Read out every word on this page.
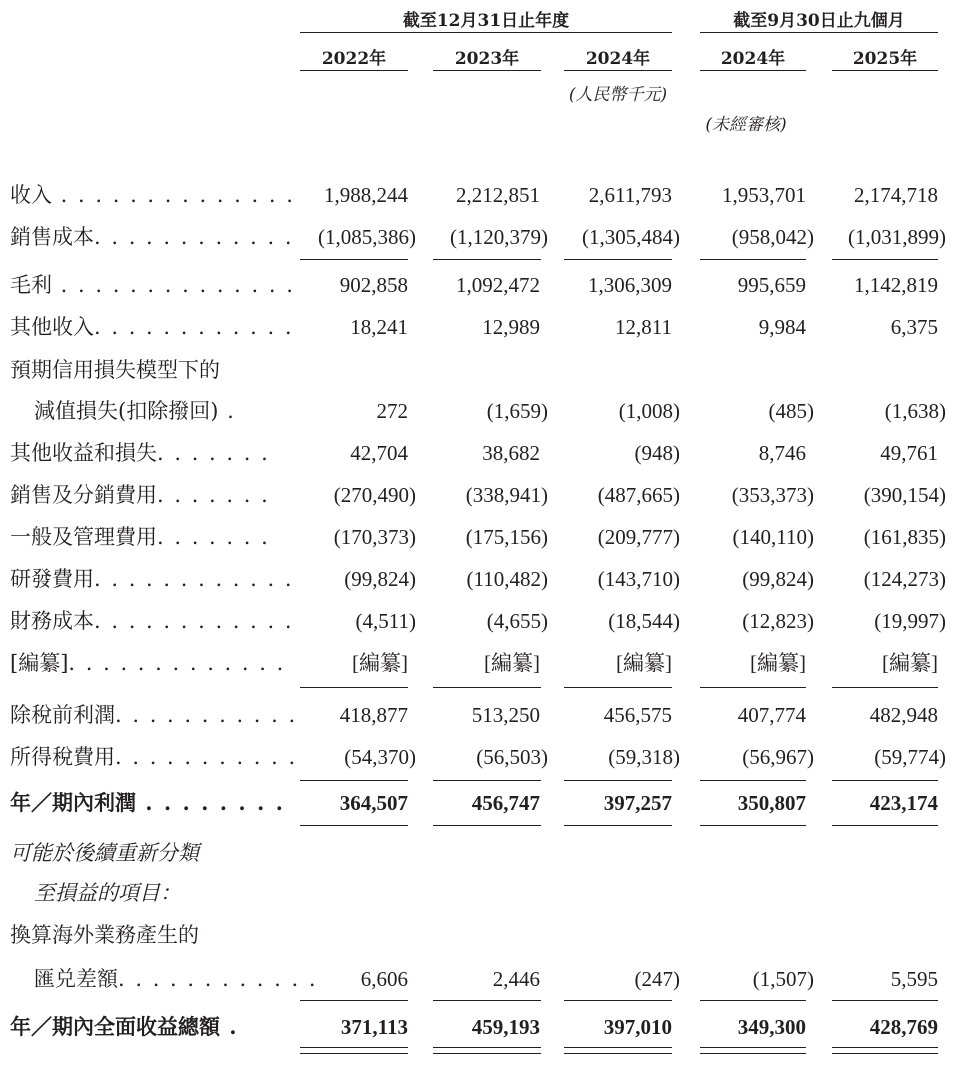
截至12月31日止年度	截至9月30日止九個月
2022年	2023年	2024年	2024年	2025年
(人民幣千元)
(未經審核)
收入 . . . . . . . . . . . . . .	1,988,244	2,212,851	2,611,793	1,953,701	2,174,718
銷售成本. . . . . . . . . . . .	(1,085,386)	(1,120,379)	(1,305,484)	(958,042)	(1,031,899)
毛利 . . . . . . . . . . . . . .	902,858	1,092,472	1,306,309	995,659	1,142,819
其他收入. . . . . . . . . . . .	18,241	12,989	12,811	9,984	6,375
預期信用損失模型下的
減值損失(扣除撥回) .	272	(1,659)	(1,008)	(485)	(1,638)
其他收益和損失. . . . . . .	42,704	38,682	(948)	8,746	49,761
銷售及分銷費用. . . . . . .	(270,490)	(338,941)	(487,665)	(353,373)	(390,154)
一般及管理費用. . . . . . .	(170,373)	(175,156)	(209,777)	(140,110)	(161,835)
研發費用. . . . . . . . . . . .	(99,824)	(110,482)	(143,710)	(99,824)	(124,273)
財務成本. . . . . . . . . . . .	(4,511)	(4,655)	(18,544)	(12,823)	(19,997)
[編纂]. . . . . . . . . . . . .	[編纂]	[編纂]	[編纂]	[編纂]	[編纂]
除稅前利潤. . . . . . . . . . .	418,877	513,250	456,575	407,774	482,948
所得稅費用. . . . . . . . . . .	(54,370)	(56,503)	(59,318)	(56,967)	(59,774)
年／期內利潤 . . . . . . . .	364,507	456,747	397,257	350,807	423,174
可能於後續重新分類
至損益的項目：
換算海外業務產生的
匯兑差額. . . . . . . . . . . .	6,606	2,446	(247)	(1,507)	5,595
年／期內全面收益總額 .	371,113	459,193	397,010	349,300	428,769
